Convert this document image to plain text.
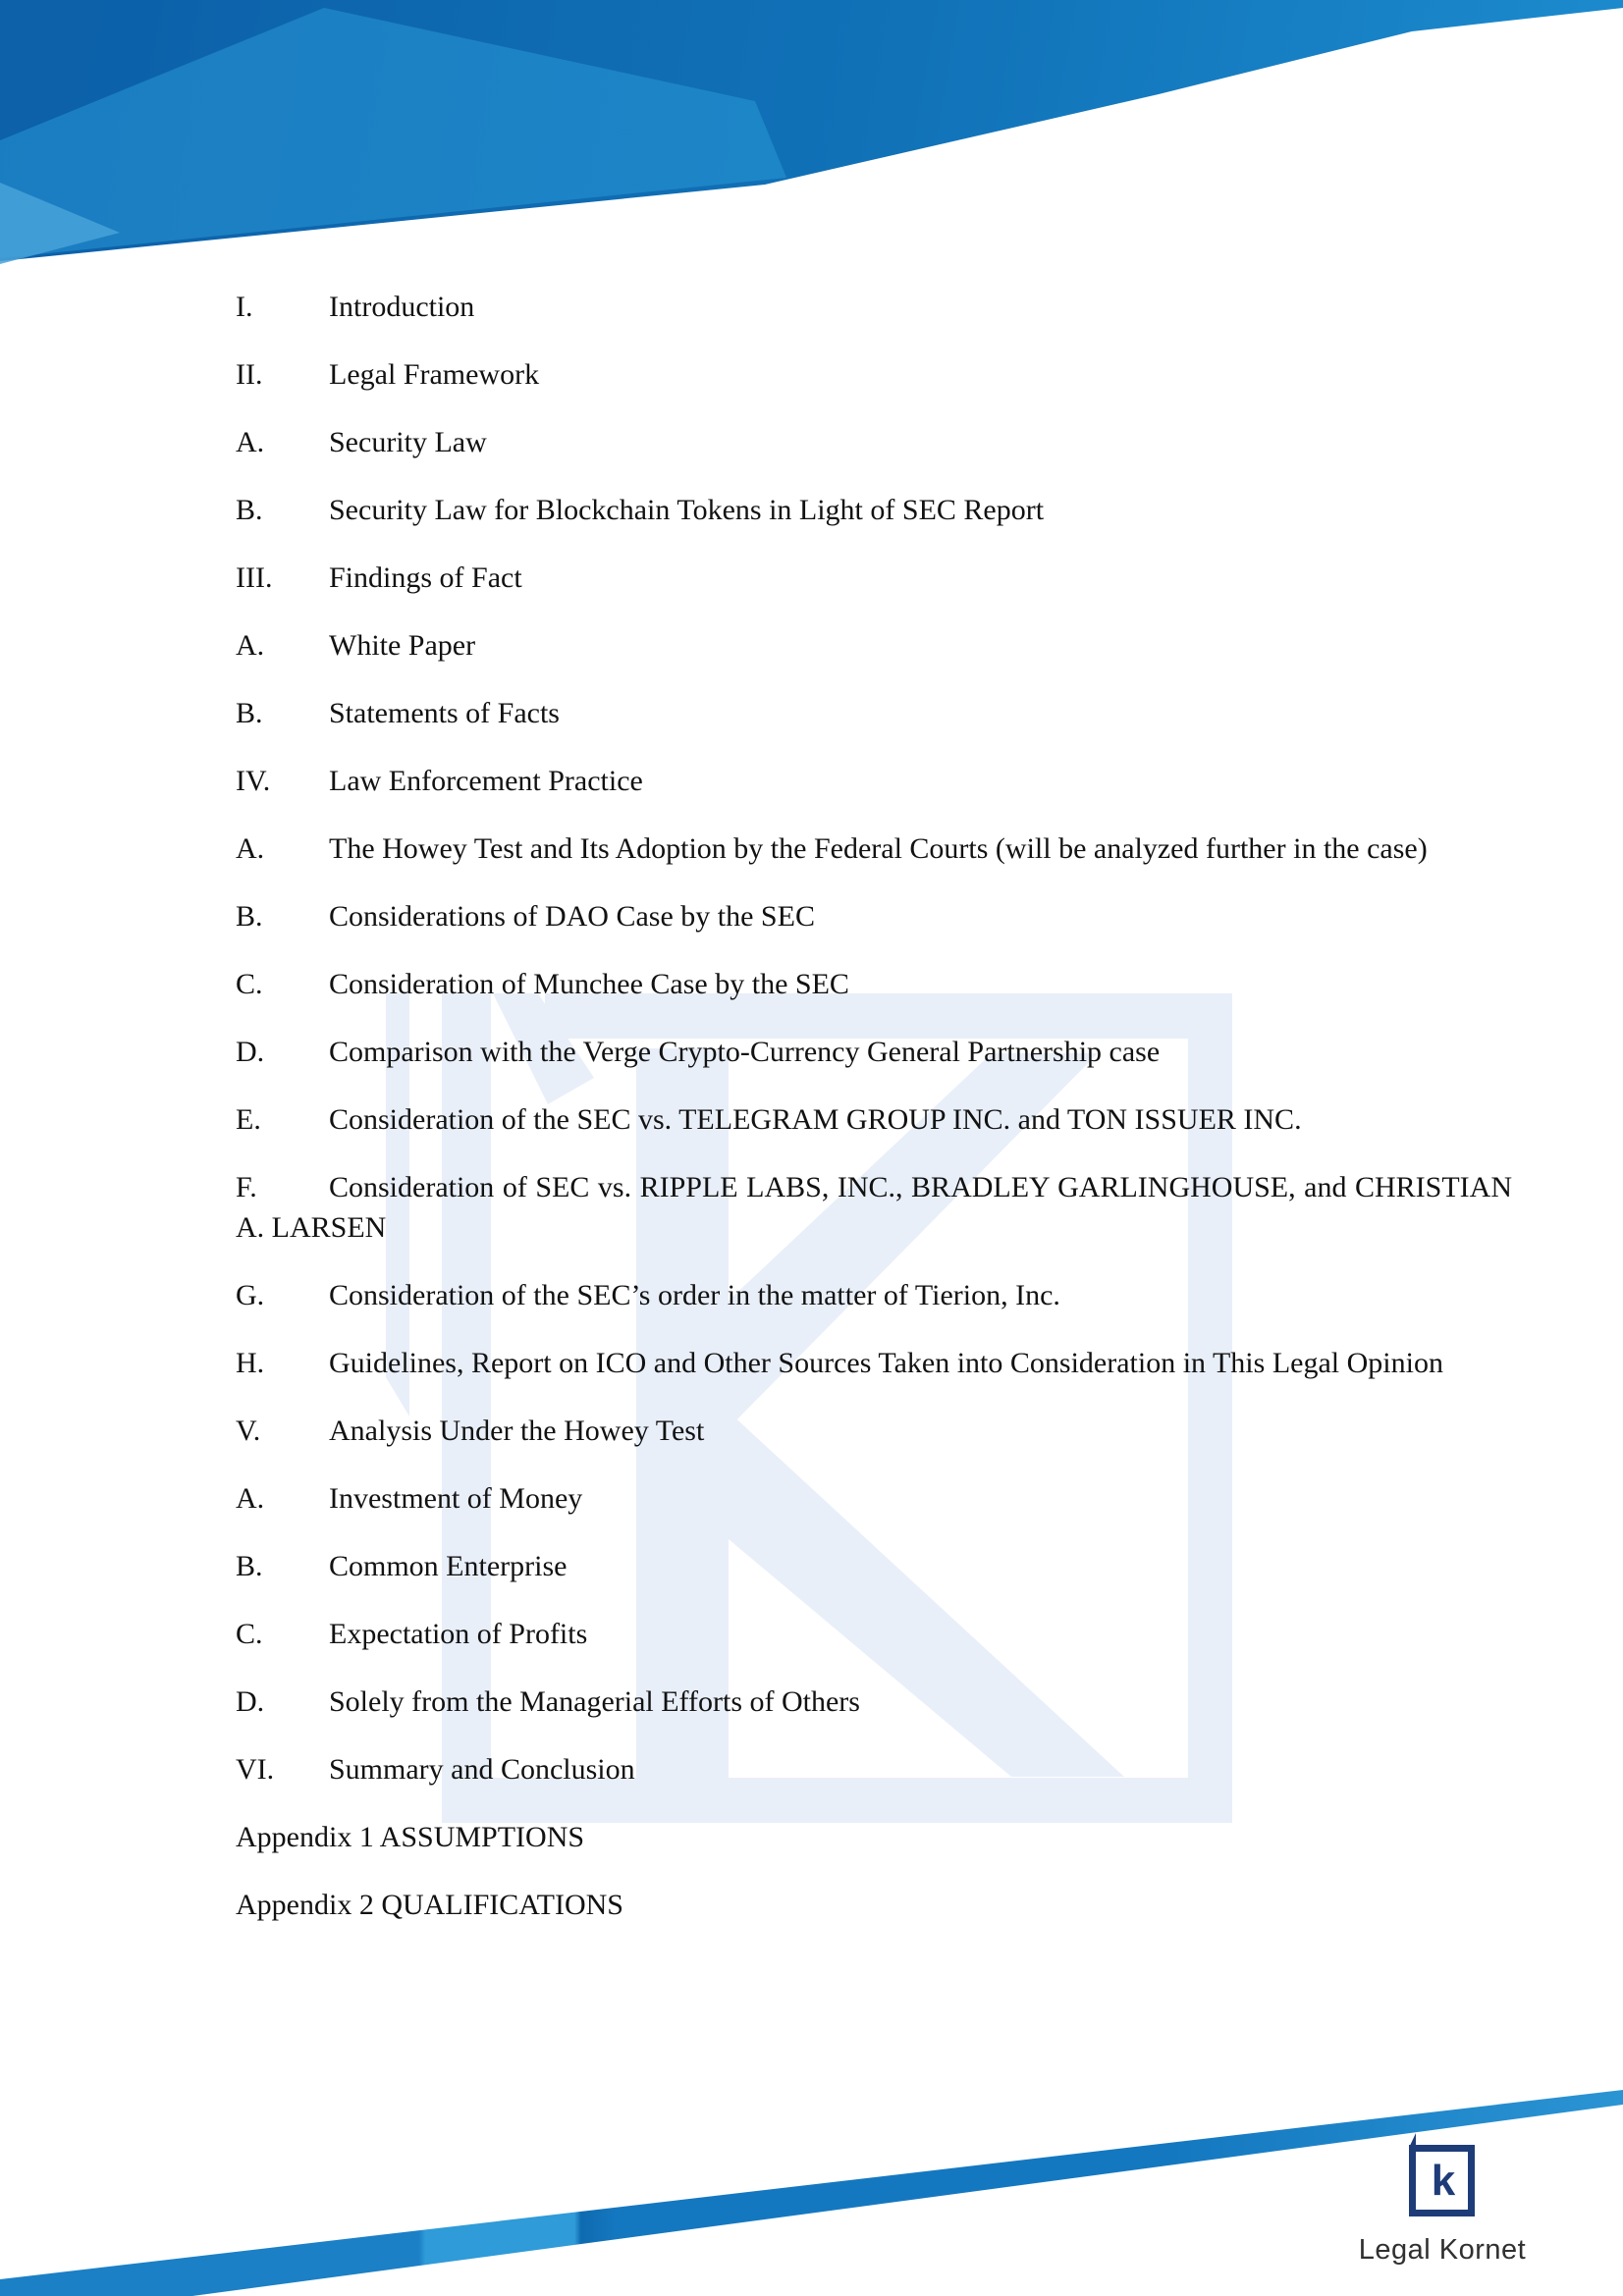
I.	Introduction

II. Legal Framework

A. Security Law

B. Security Law for Blockchain Tokens in Light of SEC Report

III. Findings of Fact

A. White Paper

B. Statements of Facts

IV. Law Enforcement Practice

A. The Howey Test and Its Adoption by the Federal Courts (will be analyzed further in the case)

B. Considerations of DAO Case by the SEC

C. Consideration of Munchee Case by the SEC

D. Comparison with the Verge Crypto-Currency General Partnership case

E. Consideration of the SEC vs. TELEGRAM GROUP INC. and TON ISSUER INC.

F. Consideration of SEC vs. RIPPLE LABS, INC., BRADLEY GARLINGHOUSE, and CHRISTIAN A. LARSEN

G. Consideration of the SEC’s order in the matter of Tierion, Inc.

H. Guidelines, Report on ICO and Other Sources Taken into Consideration in This Legal Opinion

V. Analysis Under the Howey Test

A. Investment of Money

B. Common Enterprise

C. Expectation of Profits

D. Solely from the Managerial Efforts of Others

VI. Summary and Conclusion

Appendix 1 ASSUMPTIONS

Appendix 2 QUALIFICATIONS

k
Legal Kornet
